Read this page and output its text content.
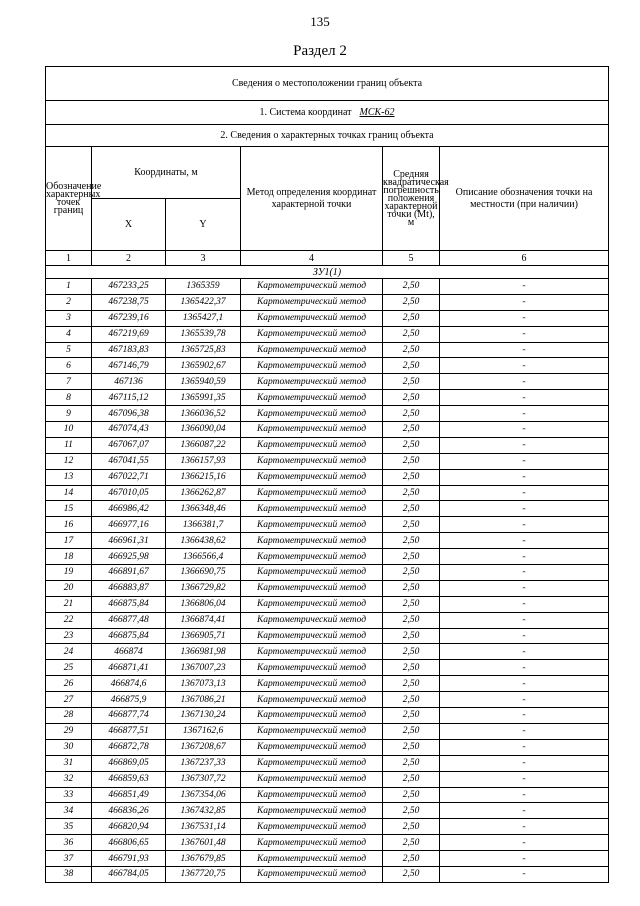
135
Раздел 2
Сведения о местоположении границ объекта					
1. Система координат МСК-62					
2. Сведения о характерных точках границ объекта					
Обозначение характерных точек границ	Координаты, м		Метод определения координат характерной точки	Средняя квадратическая погрешность положения характерной точки (Mt), м	Описание обозначения точки на местности (при наличии)
	X	Y			
1	2	3	4	5	6
ЗУ1(1)					
1	467233,25	1365359	Картометрический метод	2,50	-
2	467238,75	1365422,37	Картометрический метод	2,50	-
3	467239,16	1365427,1	Картометрический метод	2,50	-
4	467219,69	1365539,78	Картометрический метод	2,50	-
5	467183,83	1365725,83	Картометрический метод	2,50	-
6	467146,79	1365902,67	Картометрический метод	2,50	-
7	467136	1365940,59	Картометрический метод	2,50	-
8	467115,12	1365991,35	Картометрический метод	2,50	-
9	467096,38	1366036,52	Картометрический метод	2,50	-
10	467074,43	1366090,04	Картометрический метод	2,50	-
11	467067,07	1366087,22	Картометрический метод	2,50	-
12	467041,55	1366157,93	Картометрический метод	2,50	-
13	467022,71	1366215,16	Картометрический метод	2,50	-
14	467010,05	1366262,87	Картометрический метод	2,50	-
15	466986,42	1366348,46	Картометрический метод	2,50	-
16	466977,16	1366381,7	Картометрический метод	2,50	-
17	466961,31	1366438,62	Картометрический метод	2,50	-
18	466925,98	1366566,4	Картометрический метод	2,50	-
19	466891,67	1366690,75	Картометрический метод	2,50	-
20	466883,87	1366729,82	Картометрический метод	2,50	-
21	466875,84	1366806,04	Картометрический метод	2,50	-
22	466877,48	1366874,41	Картометрический метод	2,50	-
23	466875,84	1366905,71	Картометрический метод	2,50	-
24	466874	1366981,98	Картометрический метод	2,50	-
25	466871,41	1367007,23	Картометрический метод	2,50	-
26	466874,6	1367073,13	Картометрический метод	2,50	-
27	466875,9	1367086,21	Картометрический метод	2,50	-
28	466877,74	1367130,24	Картометрический метод	2,50	-
29	466877,51	1367162,6	Картометрический метод	2,50	-
30	466872,78	1367208,67	Картометрический метод	2,50	-
31	466869,05	1367237,33	Картометрический метод	2,50	-
32	466859,63	1367307,72	Картометрический метод	2,50	-
33	466851,49	1367354,06	Картометрический метод	2,50	-
34	466836,26	1367432,85	Картометрический метод	2,50	-
35	466820,94	1367531,14	Картометрический метод	2,50	-
36	466806,65	1367601,48	Картометрический метод	2,50	-
37	466791,93	1367679,85	Картометрический метод	2,50	-
38	466784,05	1367720,75	Картометрический метод	2,50	-
